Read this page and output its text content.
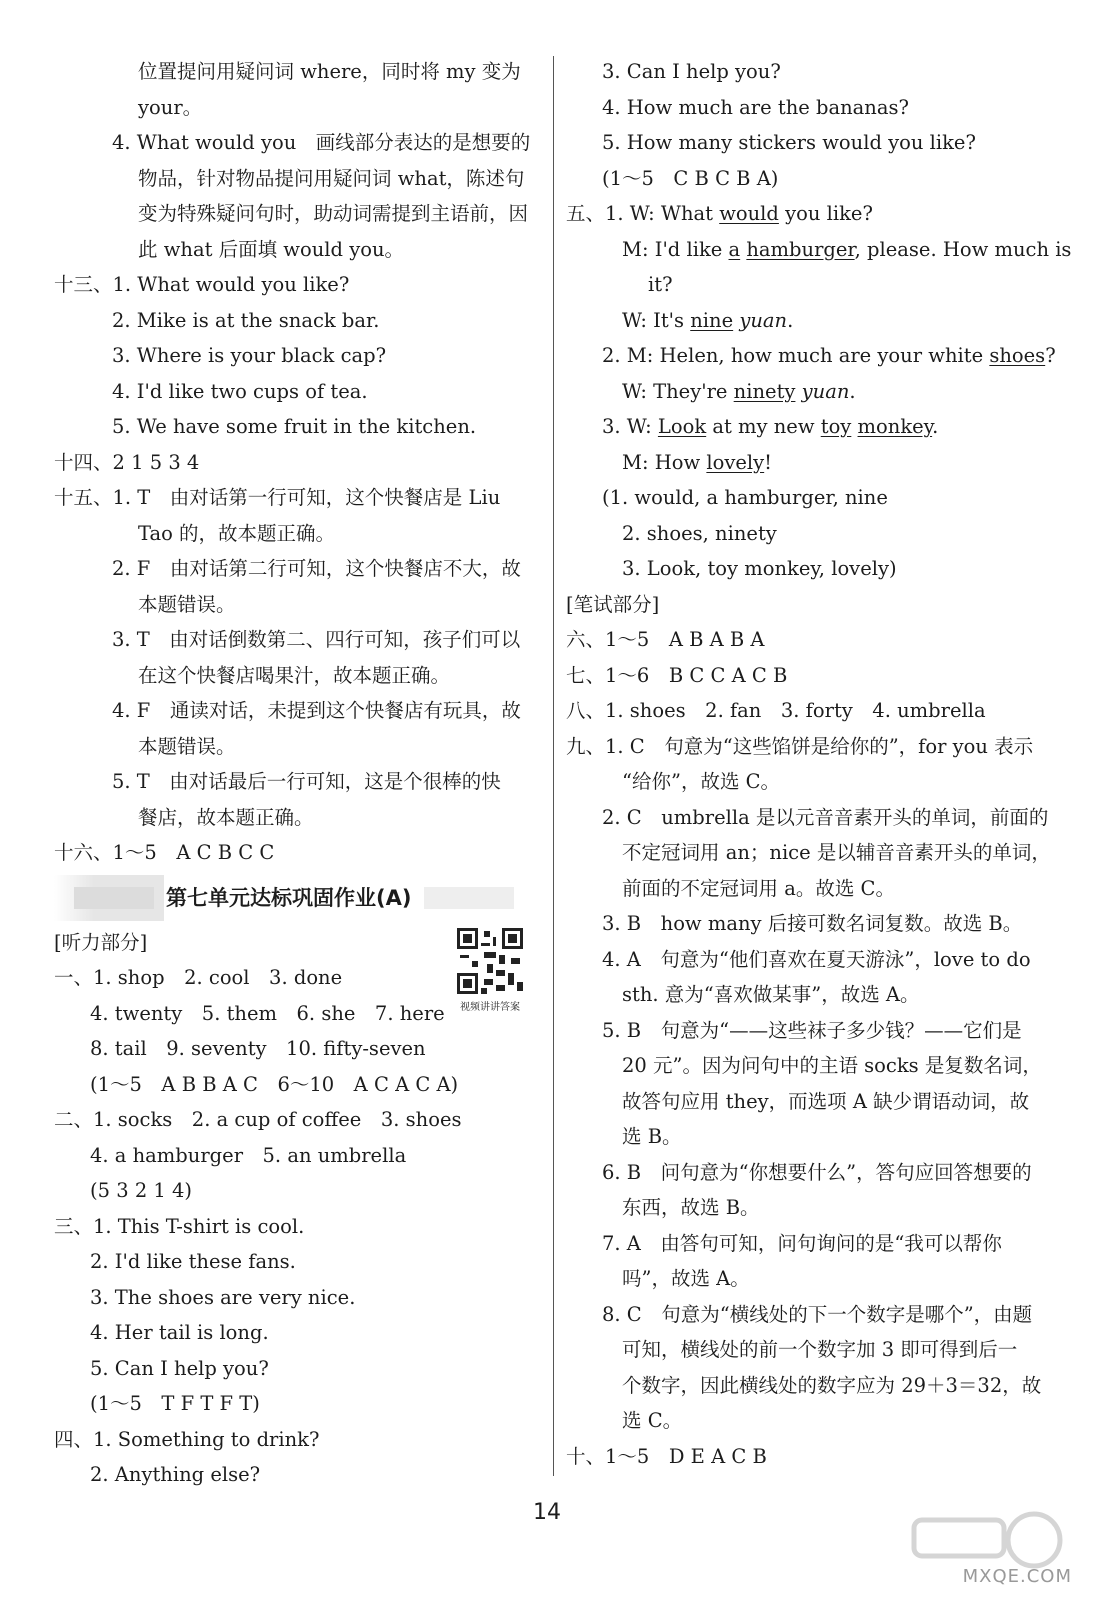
位置提问用疑问词 where，同时将 my 变为
your。
4. What would you　画线部分表达的是想要的
物品，针对物品提问用疑问词 what，陈述句
变为特殊疑问句时，助动词需提到主语前，因
此 what 后面填 would you。
十三、1. What would you like?
2. Mike is at the snack bar.
3. Where is your black cap?
4. I'd like two cups of tea.
5. We have some fruit in the kitchen.
十四、2 1 5 3 4
十五、1. T　由对话第一行可知，这个快餐店是 Liu
Tao 的，故本题正确。
2. F　由对话第二行可知，这个快餐店不大，故
本题错误。
3. T　由对话倒数第二、四行可知，孩子们可以
在这个快餐店喝果汁，故本题正确。
4. F　通读对话，未提到这个快餐店有玩具，故
本题错误。
5. T　由对话最后一行可知，这是个很棒的快
餐店，故本题正确。
十六、1～5　A C B C C
第七单元达标巩固作业(A)
视频讲讲答案
[听力部分]
一、1. shop　2. cool　3. done
4. twenty　5. them　6. she　7. here
8. tail　9. seventy　10. fifty-seven
(1～5　A B B A C　6～10　A C A C A)
二、1. socks　2. a cup of coffee　3. shoes
4. a hamburger　5. an umbrella
(5 3 2 1 4)
三、1. This T-shirt is cool.
2. I'd like these fans.
3. The shoes are very nice.
4. Her tail is long.
5. Can I help you?
(1～5　T F T F T)
四、1. Something to drink?
2. Anything else?
3. Can I help you?
4. How much are the bananas?
5. How many stickers would you like?
(1～5　C B C B A)
五、1. W: What would you like?
M: I'd like a hamburger, please. How much is
it?
W: It's nine yuan.
2. M: Helen, how much are your white shoes?
W: They're ninety yuan.
3. W: Look at my new toy monkey.
M: How lovely!
(1. would, a hamburger, nine
2. shoes, ninety
3. Look, toy monkey, lovely)
[笔试部分]
六、1～5　A B A B A
七、1～6　B C C A C B
八、1. shoes　2. fan　3. forty　4. umbrella
九、1. C　句意为“这些馅饼是给你的”，for you 表示
“给你”，故选 C。
2. C　umbrella 是以元音音素开头的单词，前面的
不定冠词用 an；nice 是以辅音音素开头的单词，
前面的不定冠词用 a。故选 C。
3. B　how many 后接可数名词复数。故选 B。
4. A　句意为“他们喜欢在夏天游泳”，love to do
sth. 意为“喜欢做某事”，故选 A。
5. B　句意为“——这些袜子多少钱？——它们是
20 元”。因为问句中的主语 socks 是复数名词，
故答句应用 they，而选项 A 缺少谓语动词，故
选 B。
6. B　问句意为“你想要什么”，答句应回答想要的
东西，故选 B。
7. A　由答句可知，问句询问的是“我可以帮你
吗”，故选 A。
8. C　句意为“横线处的下一个数字是哪个”，由题
可知，横线处的前一个数字加 3 即可得到后一
个数字，因此横线处的数字应为 29＋3＝32，故
选 C。
十、1～5　D E A C B
14
MXQE.COM
